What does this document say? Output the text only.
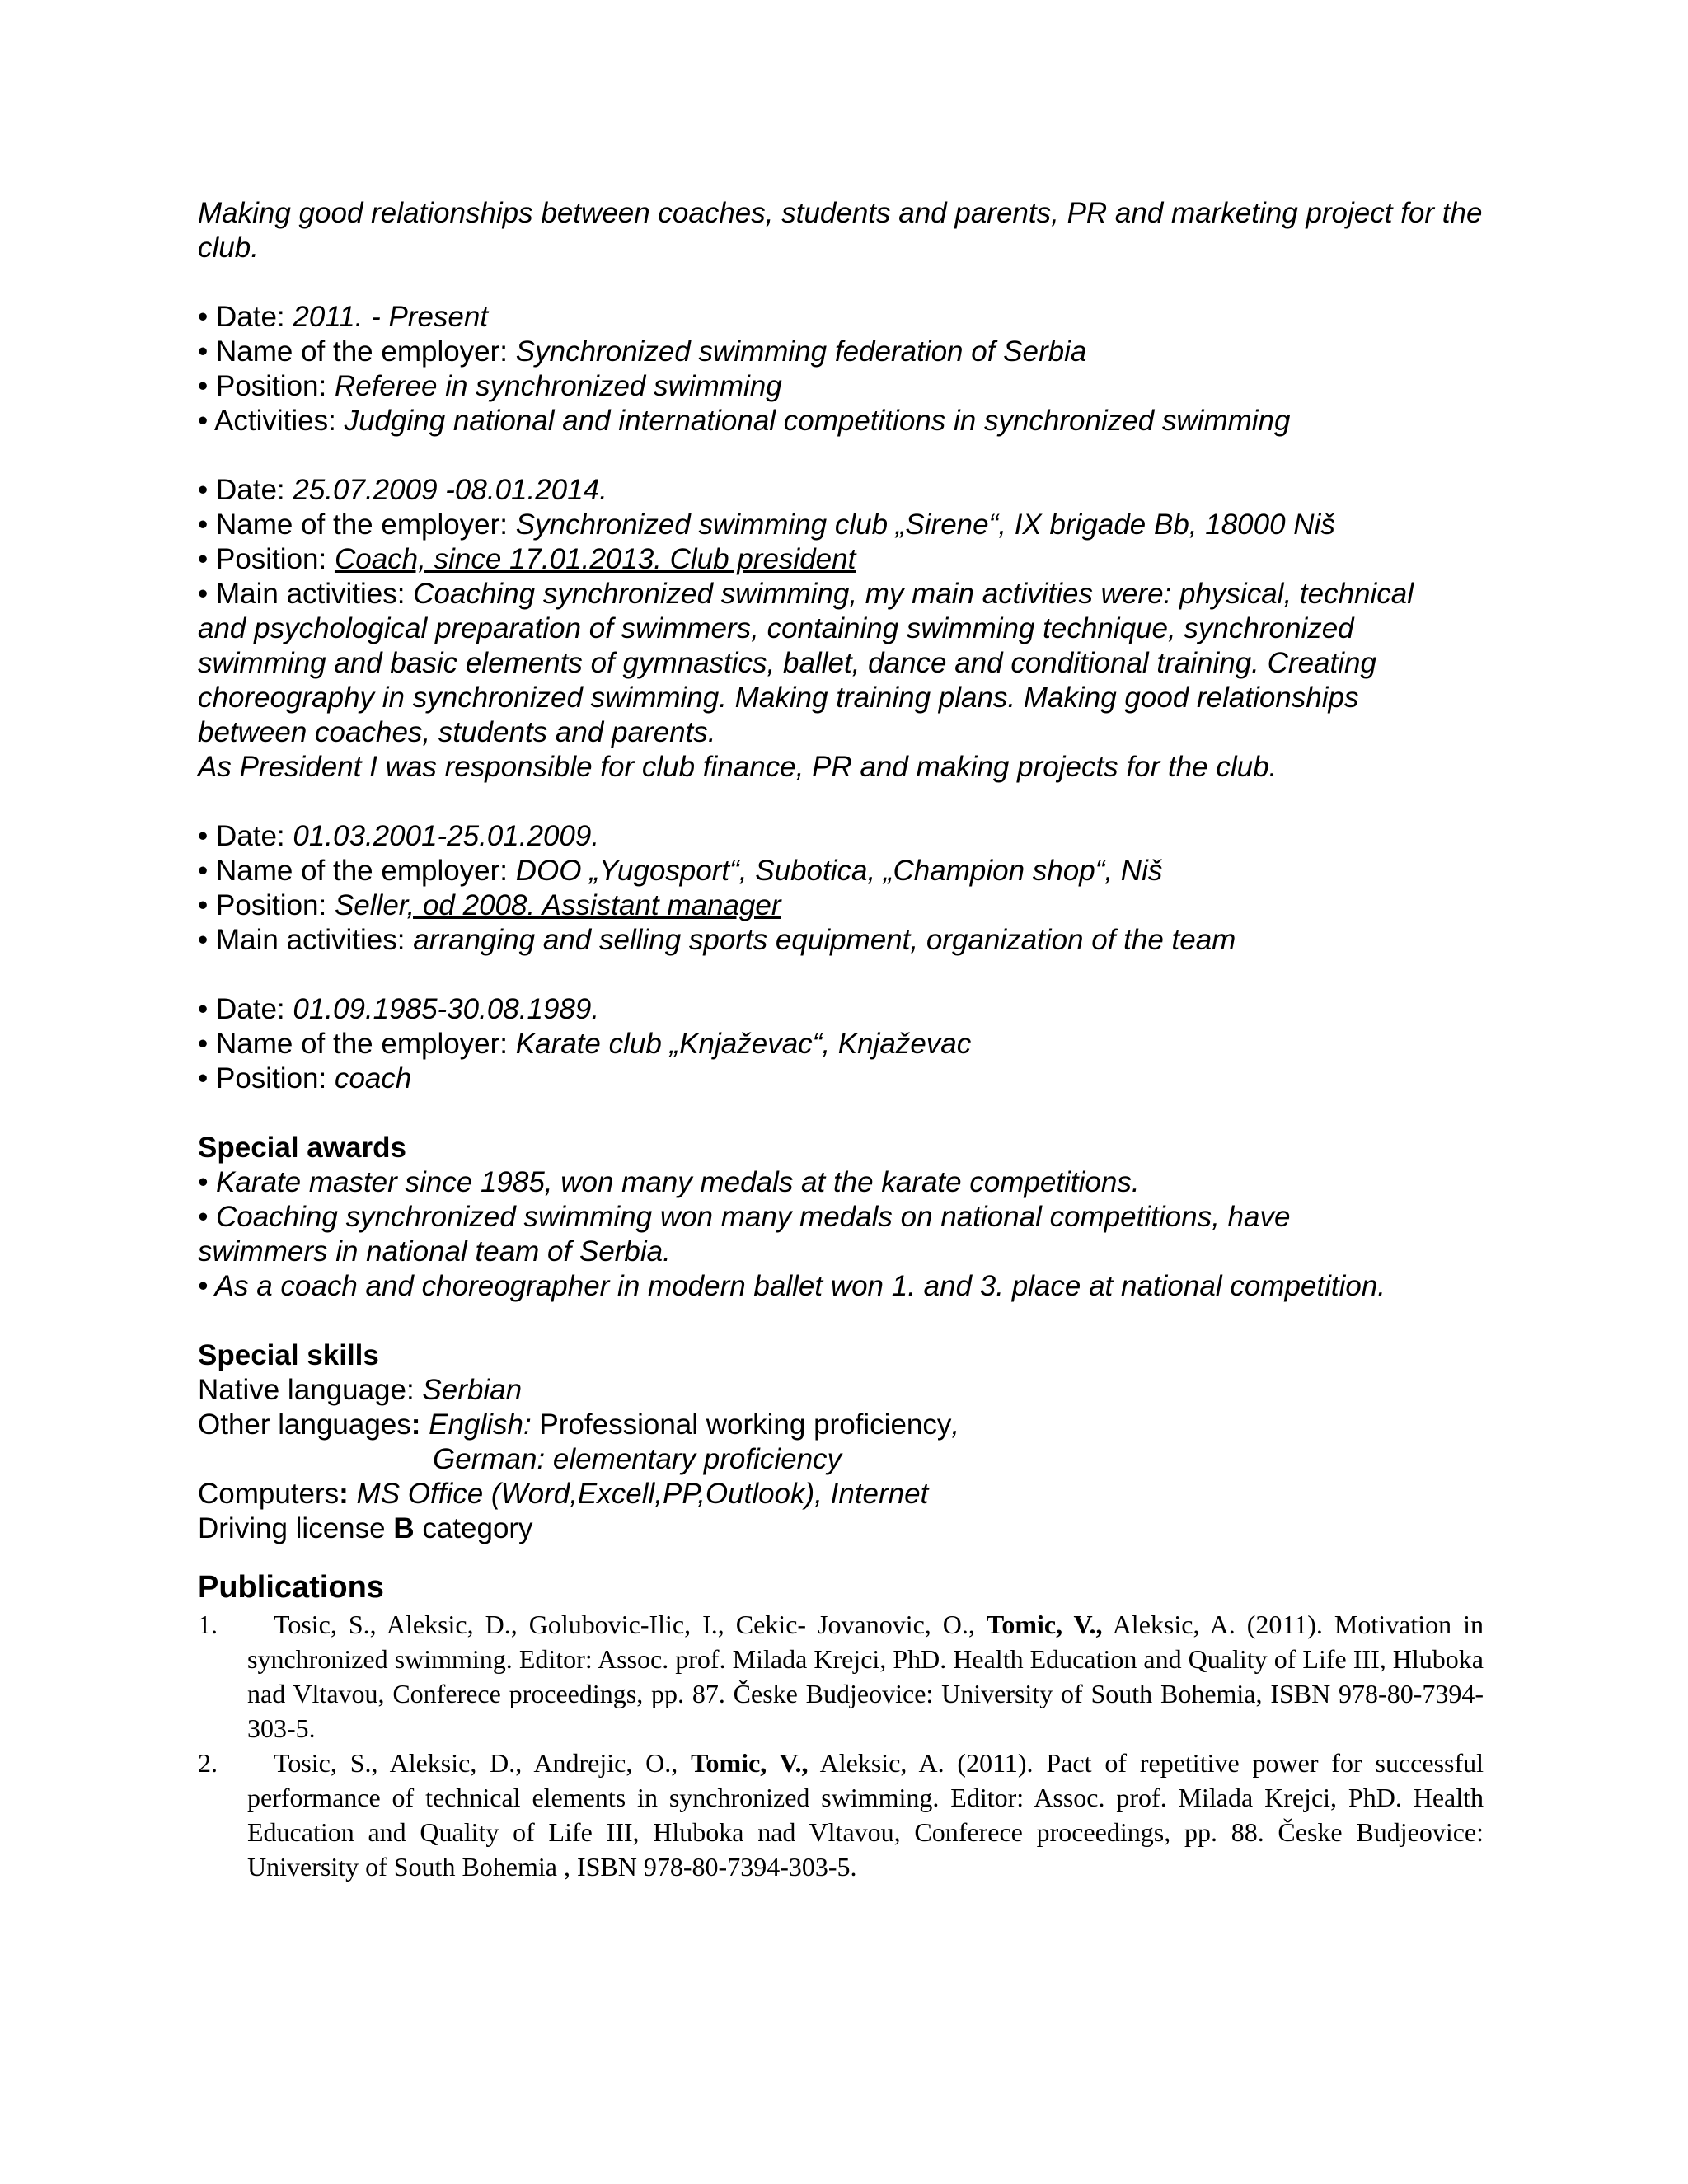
Making good relationships between coaches, students and parents, PR and marketing project for the club.
• Date: 2011. - Present
• Name of the employer: Synchronized swimming federation of Serbia
• Position: Referee in synchronized swimming
• Activities: Judging national and international competitions in synchronized swimming
• Date: 25.07.2009 -08.01.2014.
• Name of the employer: Synchronized swimming club „Sirene“, IX brigade Bb, 18000 Niš
• Position: Coach, since 17.01.2013. Club president
• Main activities: Coaching synchronized swimming, my main activities were: physical, technical
and psychological preparation of swimmers, containing swimming technique, synchronized
swimming and basic elements of gymnastics, ballet, dance and conditional training. Creating
choreography in synchronized swimming. Making training plans. Making good relationships
between coaches, students and parents.
As President I was responsible for club finance, PR and making projects for the club.
• Date: 01.03.2001-25.01.2009.
• Name of the employer: DOO „Yugosport“, Subotica, „Champion shop“, Niš
• Position: Seller, od 2008. Assistant manager
• Main activities: arranging and selling sports equipment, organization of the team
• Date: 01.09.1985-30.08.1989.
• Name of the employer: Karate club „Knjaževac“, Knjaževac
• Position: coach
Special awards
• Karate master since 1985, won many medals at the karate competitions.
• Coaching synchronized swimming won many medals on national competitions, have
swimmers in national team of Serbia.
• As a coach and choreographer in modern ballet won 1. and 3. place at national competition.
Special skills
Native language: Serbian
Other languages: English: Professional working proficiency,
German: elementary proficiency
Computers: MS Office (Word,Excell,PP,Outlook), Internet
Driving license B category
Publications
1. Tosic, S., Aleksic, D., Golubovic-Ilic, I., Cekic- Jovanovic, O., Tomic, V., Aleksic, A. (2011). Motivation in synchronized swimming. Editor: Assoc. prof. Milada Krejci, PhD. Health Education and Quality of Life III, Hluboka nad Vltavou, Conferece proceedings, pp. 87. Česke Budjeovice: University of South Bohemia, ISBN 978-80-7394-303-5.
2. Tosic, S., Aleksic, D., Andrejic, O., Tomic, V., Aleksic, A. (2011). Pact of repetitive power for successful performance of technical elements in synchronized swimming. Editor: Assoc. prof. Milada Krejci, PhD. Health Education and Quality of Life III, Hluboka nad Vltavou, Conferece proceedings, pp. 88. Česke Budjeovice: University of South Bohemia , ISBN 978-80-7394-303-5.
